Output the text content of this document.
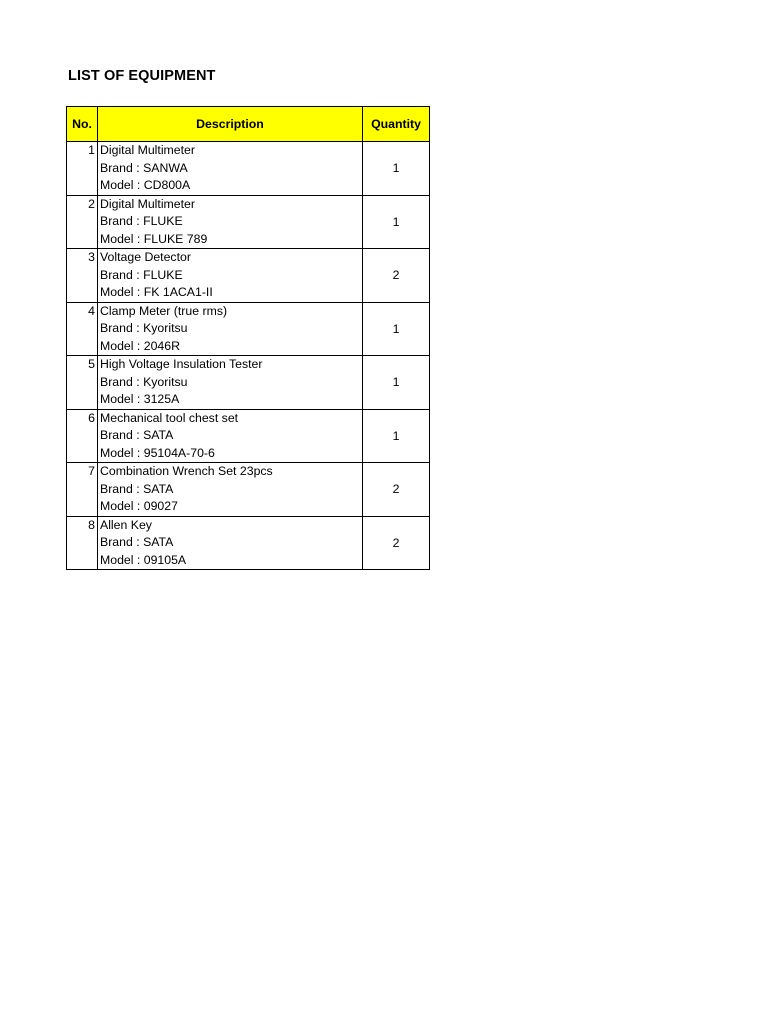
LIST OF EQUIPMENT
No.	Description	Quantity
1	Digital Multimeter
Brand : SANWA
Model : CD800A	1
2	Digital Multimeter
Brand : FLUKE
Model : FLUKE 789	1
3	Voltage Detector
Brand : FLUKE
Model : FK 1ACA1-II	2
4	Clamp Meter (true rms)
Brand : Kyoritsu
Model : 2046R	1
5	High Voltage Insulation Tester
Brand : Kyoritsu
Model : 3125A	1
6	Mechanical tool chest set
Brand : SATA
Model : 95104A-70-6	1
7	Combination Wrench Set 23pcs
Brand : SATA
Model : 09027	2
8	Allen Key
Brand : SATA
Model : 09105A	2
